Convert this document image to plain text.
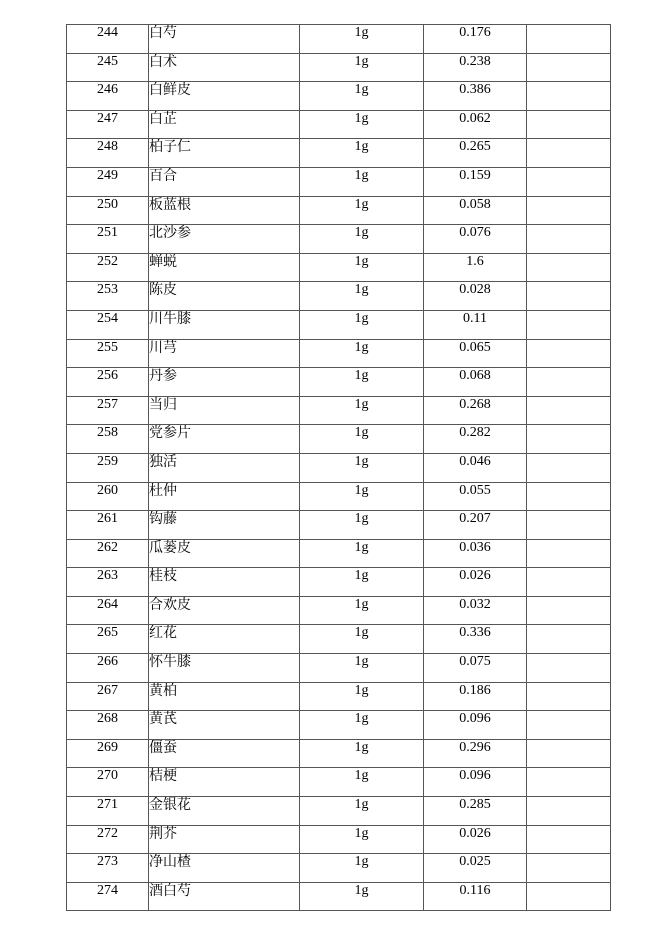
244	白芍	1g	0.176	
245	白术	1g	0.238	
246	白鲜皮	1g	0.386	
247	白芷	1g	0.062	
248	柏子仁	1g	0.265	
249	百合	1g	0.159	
250	板蓝根	1g	0.058	
251	北沙参	1g	0.076	
252	蝉蜕	1g	1.6	
253	陈皮	1g	0.028	
254	川牛膝	1g	0.11	
255	川芎	1g	0.065	
256	丹参	1g	0.068	
257	当归	1g	0.268	
258	党参片	1g	0.282	
259	独活	1g	0.046	
260	杜仲	1g	0.055	
261	钩藤	1g	0.207	
262	瓜蒌皮	1g	0.036	
263	桂枝	1g	0.026	
264	合欢皮	1g	0.032	
265	红花	1g	0.336	
266	怀牛膝	1g	0.075	
267	黄柏	1g	0.186	
268	黄芪	1g	0.096	
269	僵蚕	1g	0.296	
270	桔梗	1g	0.096	
271	金银花	1g	0.285	
272	荆芥	1g	0.026	
273	净山楂	1g	0.025	
274	酒白芍	1g	0.116	
